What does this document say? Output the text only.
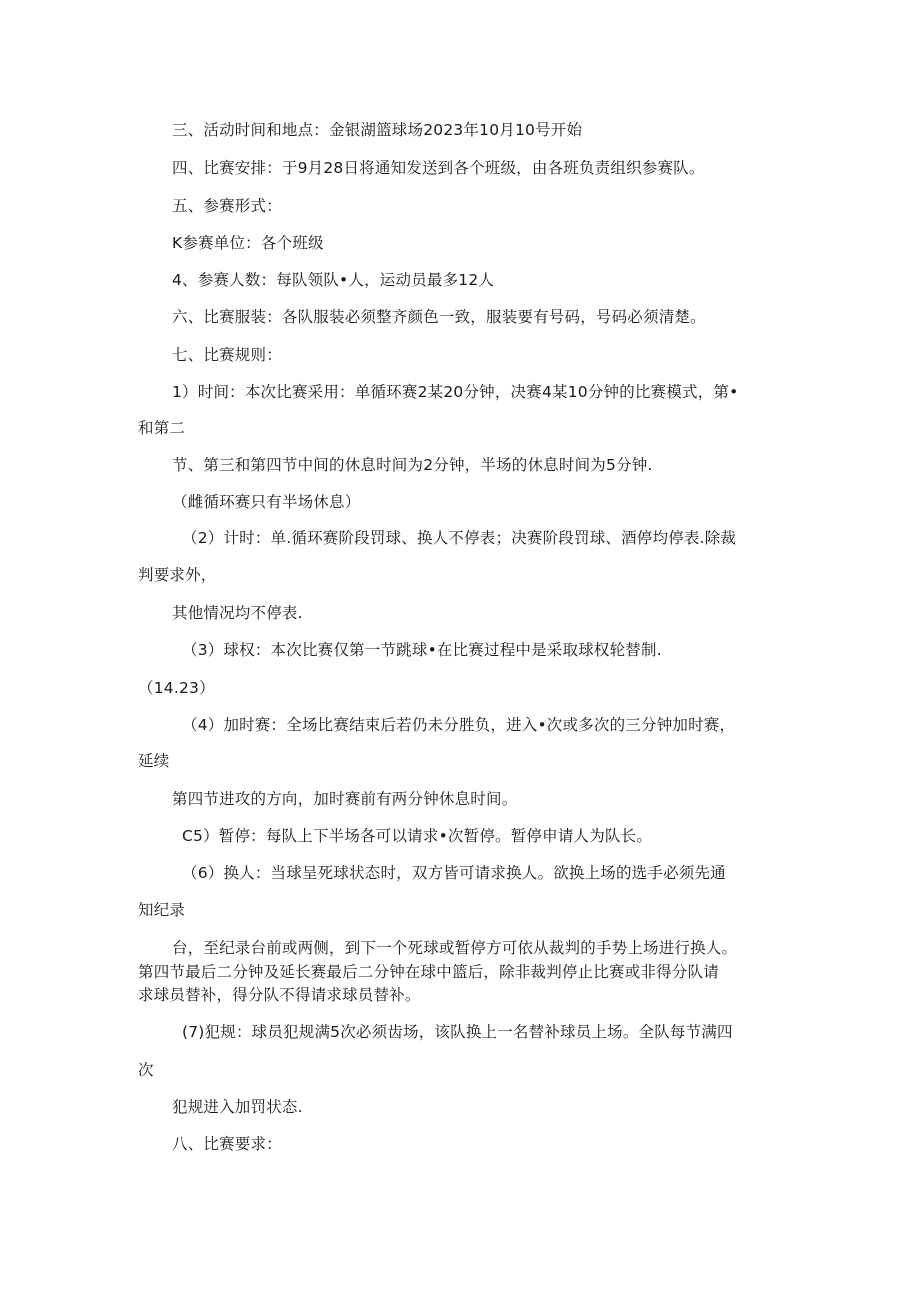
三、活动时间和地点：金银湖篮球场2023年10月10号开始
四、比赛安排：于9月28日将通知发送到各个班级，由各班负责组织参赛队。
五、参赛形式：
K参赛单位：各个班级
4、参赛人数：每队领队•人，运动员最多12人
六、比赛服装：各队服装必须整齐颜色一致，服装要有号码，号码必须清楚。
七、比赛规则：
1）时间：本次比赛采用：单循环赛2某20分钟，决赛4某10分钟的比赛模式，第•
和第二
节、第三和第四节中间的休息时间为2分钟，半场的休息时间为5分钟.
（雌循环赛只有半场休息）
（2）计时：单.循环赛阶段罚球、换人不停表；决赛阶段罚球、酒停均停表.除裁
判要求外，
其他情况均不停表.
（3）球权：本次比赛仅第一节跳球•在比赛过程中是采取球权轮替制.
（14.23）
（4）加时赛：全场比赛结束后若仍未分胜负，进入•次或多次的三分钟加时赛，
延续
第四节进攻的方向，加时赛前有两分钟休息时间。
C5）暂停：每队上下半场各可以请求•次暂停。暂停申请人为队长。
（6）换人：当球呈死球状态时，双方皆可请求换人。欲换上场的选手必须先通
知纪录
台，至纪录台前或两侧，到下一个死球或暂停方可依从裁判的手势上场进行换人。
第四节最后二分钟及延长赛最后二分钟在球中篮后，除非裁判停止比赛或非得分队请
求球员替补，得分队不得请求球员替补。
(7)犯规：球员犯规满5次必须齿场，该队换上一名替补球员上场。全队每节满四
次
犯规进入加罚状态.
八、比赛要求：
